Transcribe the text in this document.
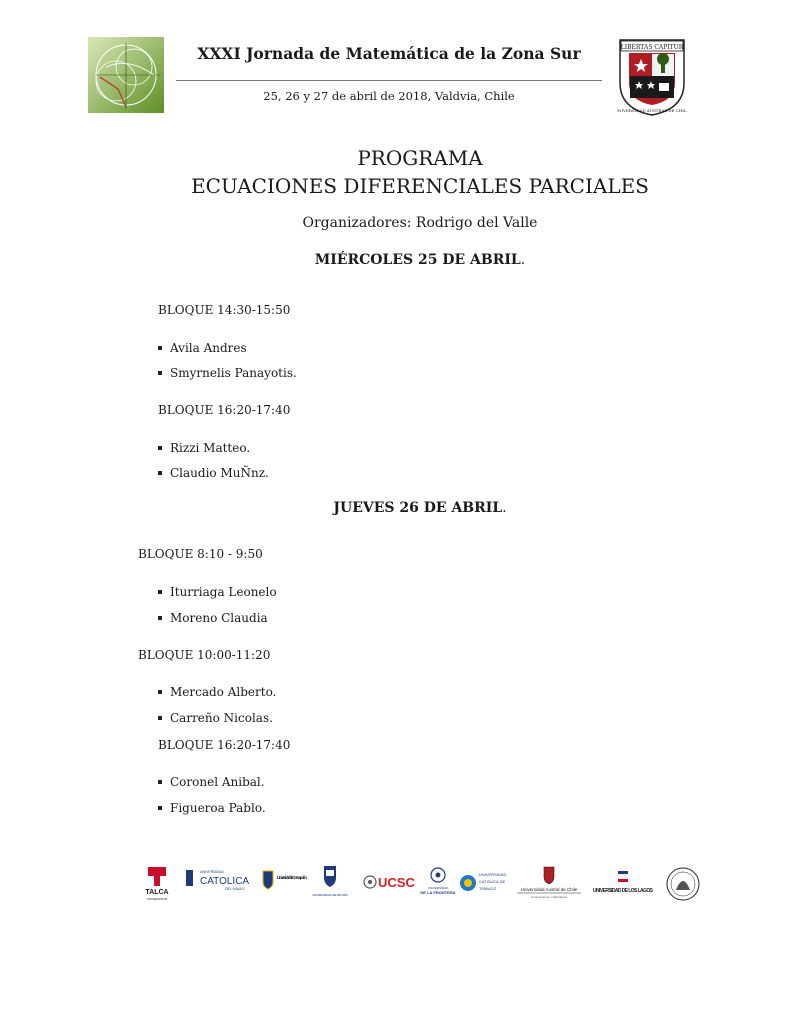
XXXI Jornada de Matemática de la Zona Sur
25, 26 y 27 de abril de 2018, Valdvia, Chile
LIBERTAS CAPITUR
UNIVERSIDAD AUSTRAL DE CHILE
PROGRAMA
ECUACIONES DIFERENCIALES PARCIALES
Organizadores: Rodrigo del Valle
MIÉRCOLES 25 DE ABRIL.
BLOQUE 14:30-15:50
Avila Andres
Smyrnelis Panayotis.
BLOQUE 16:20-17:40
Rizzi Matteo.
Claudio MuÑnz.
JUEVES 26 DE ABRIL.
BLOQUE 8:10 - 9:50
Iturriaga Leonelo
Moreno Claudia
BLOQUE 10:00-11:20
Mercado Alberto.
Carreño Nicolas.
BLOQUE 16:20-17:40
Coronel Anibal.
Figueroa Pablo.
TALCA
UNIVERSIDAD
UNIVERSIDAD
CATOLICA
DEL MAULE
Universidad de Concepción
UNIVERSIDAD DEL BÍO-BÍO
UCSC	UNIVERSIDAD
DE LA FRONTERA
UNIVERSIDAD
CATÓLICA DE
TEMUCO	Universidad Austral de Chile
Conocimiento y Naturaleza
UNIVERSIDAD DE LOS LAGOS
